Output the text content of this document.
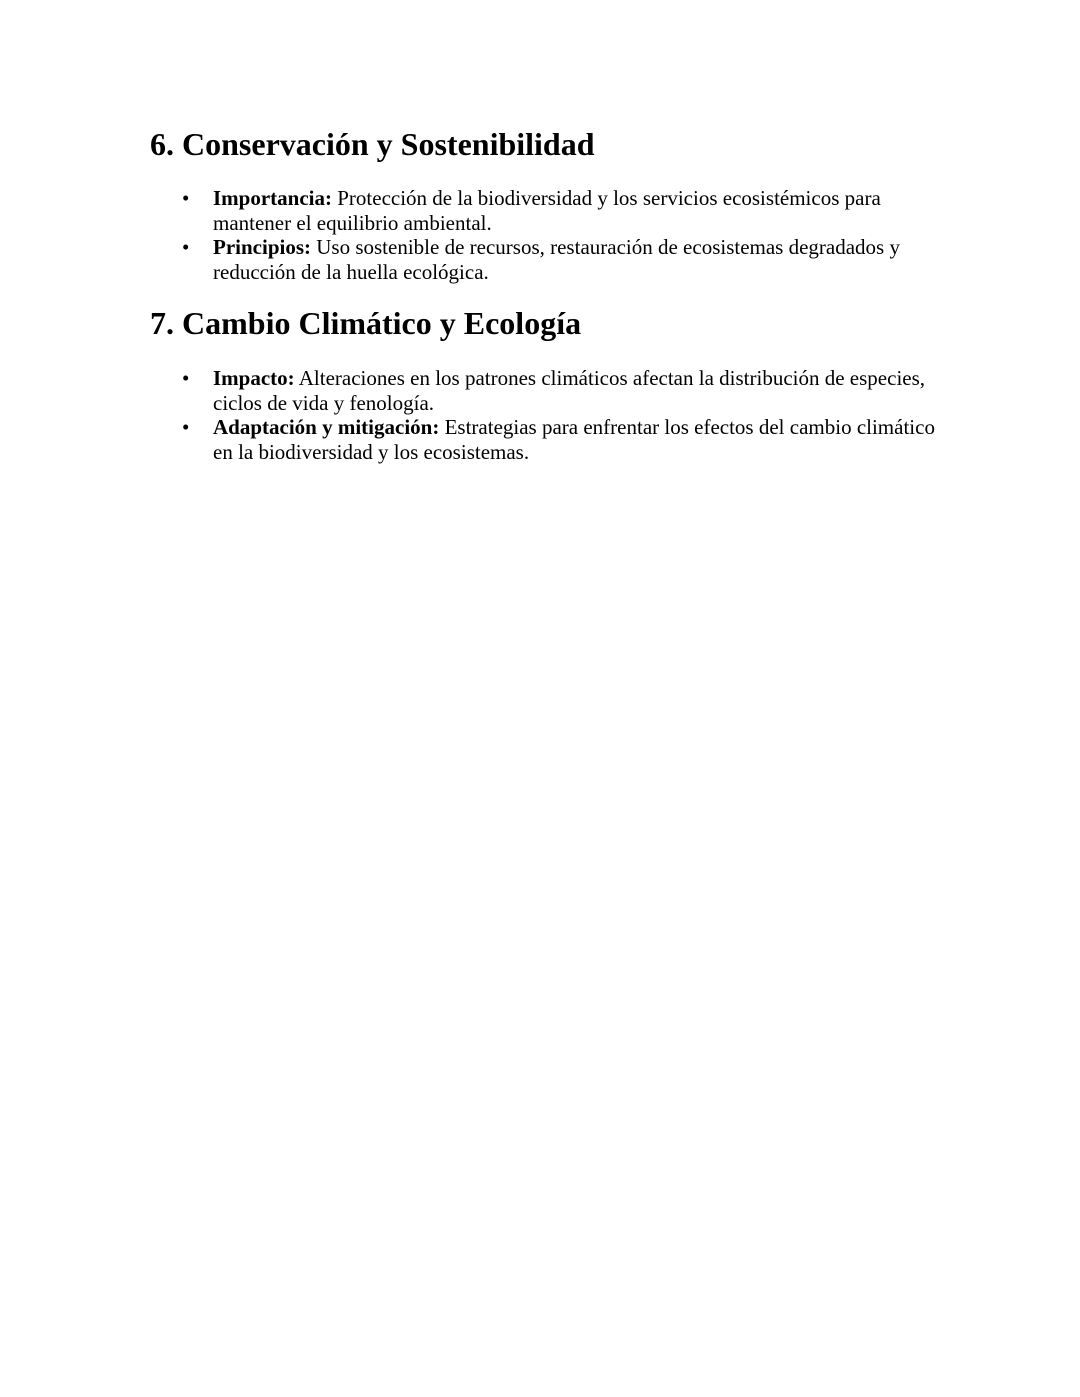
6. Conservación y Sostenibilidad
• Importancia: Protección de la biodiversidad y los servicios ecosistémicos para mantener el equilibrio ambiental.
• Principios: Uso sostenible de recursos, restauración de ecosistemas degradados y reducción de la huella ecológica.
7. Cambio Climático y Ecología
• Impacto: Alteraciones en los patrones climáticos afectan la distribución de especies, ciclos de vida y fenología.
• Adaptación y mitigación: Estrategias para enfrentar los efectos del cambio climático en la biodiversidad y los ecosistemas.
